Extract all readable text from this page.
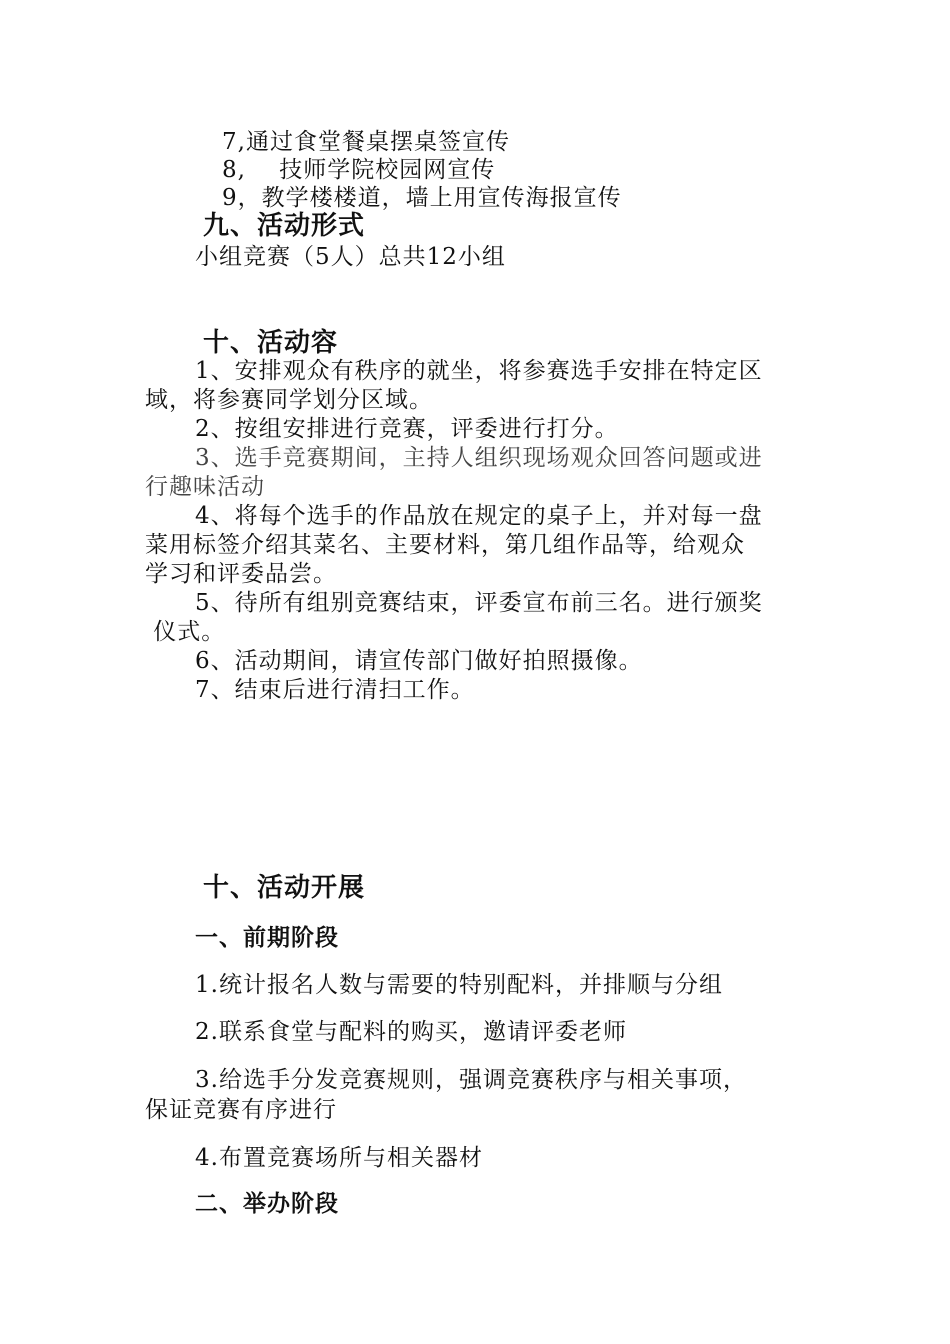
7,通过食堂餐桌摆桌签宣传
8,    技师学院校园网宣传
9，教学楼楼道，墙上用宣传海报宣传
九、活动形式
小组竞赛（5人）总共12小组
十、活动容
1、安排观众有秩序的就坐，将参赛选手安排在特定区
域，将参赛同学划分区域。
2、按组安排进行竞赛，评委进行打分。
3、选手竞赛期间，主持人组织现场观众回答问题或进
行趣味活动
4、将每个选手的作品放在规定的桌子上，并对每一盘
菜用标签介绍其菜名、主要材料，第几组作品等，给观众
学习和评委品尝。
5、待所有组别竞赛结束，评委宣布前三名。进行颁奖
仪式。
6、活动期间，请宣传部门做好拍照摄像。
7、结束后进行清扫工作。
十、活动开展
一、前期阶段
1.统计报名人数与需要的特别配料，并排顺与分组
2.联系食堂与配料的购买，邀请评委老师
3.给选手分发竞赛规则，强调竞赛秩序与相关事项，
保证竞赛有序进行
4.布置竞赛场所与相关器材
二、举办阶段
